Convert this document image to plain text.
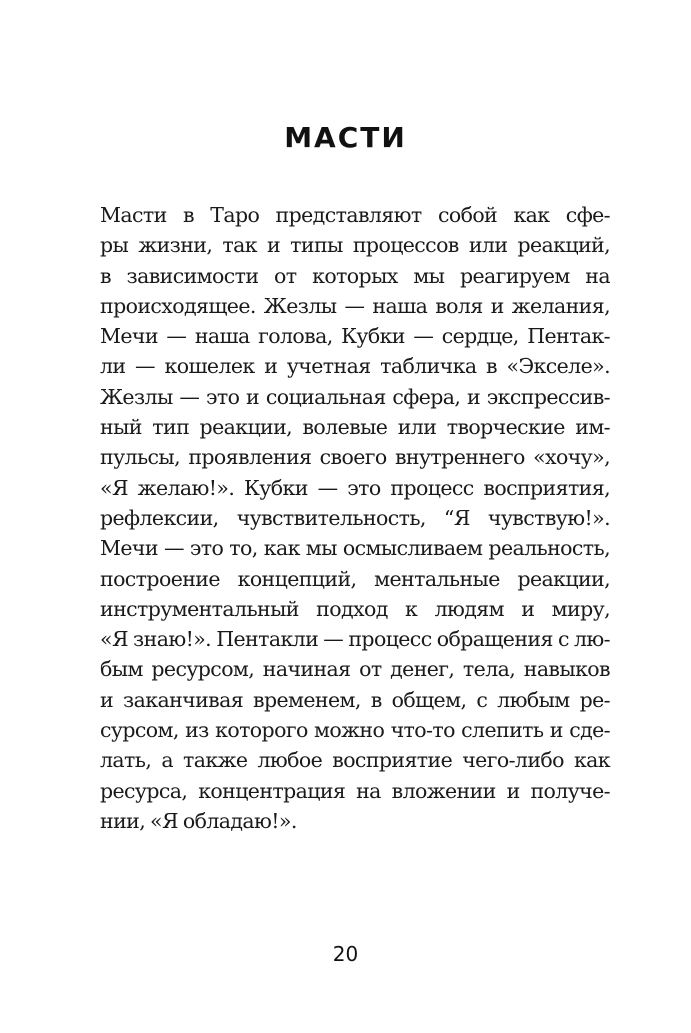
МАСТИ
Масти в Таро представляют собой как сфе-
ры жизни, так и типы процессов или реакций,
в зависимости от которых мы реагируем на
происходящее. Жезлы — наша воля и желания,
Мечи — наша голова, Кубки — сердце, Пентак-
ли — кошелек и учетная табличка в «Экселе».
Жезлы — это и социальная сфера, и экспрессив-
ный тип реакции, волевые или творческие им-
пульсы, проявления своего внутреннего «хочу»,
«Я желаю!». Кубки — это процесс восприятия,
рефлексии, чувствительность, “Я чувствую!».
Мечи — это то, как мы осмысливаем реальность,
построение концепций, ментальные реакции,
инструментальный подход к людям и миру,
«Я знаю!». Пентакли — процесс обращения с лю-
бым ресурсом, начиная от денег, тела, навыков
и заканчивая временем, в общем, с любым ре-
сурсом, из которого можно что-то слепить и сде-
лать, а также любое восприятие чего-либо как
ресурса, концентрация на вложении и получе-
нии, «Я обладаю!».
20
